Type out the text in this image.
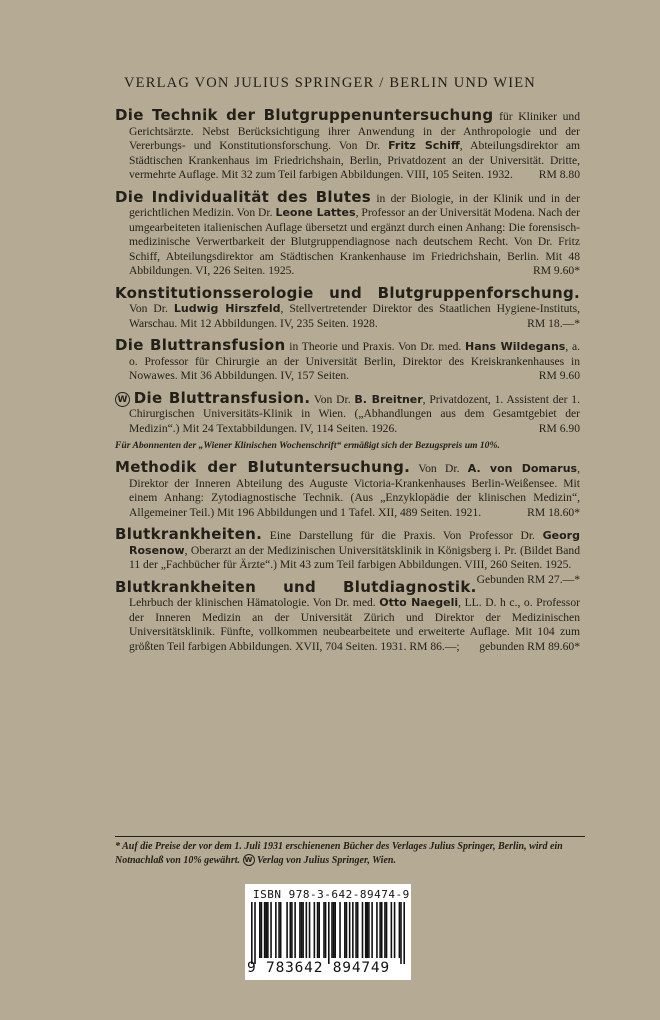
VERLAG VON JULIUS SPRINGER / BERLIN UND WIEN
Die Technik der Blutgruppenuntersuchung für Kliniker und Gerichtsärzte. Nebst Berücksichtigung ihrer Anwendung in der Anthropologie und der Vererbungs- und Konstitutionsforschung. Von Dr. Fritz Schiff, Abteilungsdirektor am Städtischen Krankenhaus im Friedrichshain, Berlin, Privatdozent an der Universität. Dritte, vermehrte Auflage. Mit 32 zum Teil farbigen Abbildungen. VIII, 105 Seiten. 1932. RM 8.80
Die Individualität des Blutes in der Biologie, in der Klinik und in der gerichtlichen Medizin. Von Dr. Leone Lattes, Professor an der Universität Modena. Nach der umgearbeiteten italienischen Auflage übersetzt und ergänzt durch einen Anhang: Die forensisch-medizinische Verwertbarkeit der Blutgruppendiagnose nach deutschem Recht. Von Dr. Fritz Schiff, Abteilungsdirektor am Städtischen Krankenhause im Friedrichshain, Berlin. Mit 48 Abbildungen. VI, 226 Seiten. 1925.	RM 9.60*
Konstitutionsserologie und Blutgruppenforschung. Von Dr. Ludwig Hirszfeld, Stellvertretender Direktor des Staatlichen Hygiene-Instituts, Warschau. Mit 12 Abbildungen. IV, 235 Seiten. 1928.	RM 18.—*
Die Bluttransfusion in Theorie und Praxis. Von Dr. med. Hans Wildegans, a. o. Professor für Chirurgie an der Universität Berlin, Direktor des Kreiskrankenhauses in Nowawes. Mit 36 Abbildungen. IV, 157 Seiten.	RM 9.60
W Die Bluttransfusion. Von Dr. B. Breitner, Privatdozent, 1. Assistent der 1. Chirurgischen Universitäts-Klinik in Wien. („Abhandlungen aus dem Gesamtgebiet der Medizin“.) Mit 24 Textabbildungen. IV, 114 Seiten. 1926.	RM 6.90
Für Abonnenten der „Wiener Klinischen Wochenschrift“ ermäßigt sich der Bezugspreis um 10%.
Methodik der Blutuntersuchung. Von Dr. A. von Domarus, Direktor der Inneren Abteilung des Auguste Victoria-Krankenhauses Berlin-Weißensee. Mit einem Anhang: Zytodiagnostische Technik. (Aus „Enzyklopädie der klinischen Medizin“, Allgemeiner Teil.) Mit 196 Abbildungen und 1 Tafel. XII, 489 Seiten. 1921.	RM 18.60*
Blutkrankheiten. Eine Darstellung für die Praxis. Von Professor Dr. Georg Rosenow, Oberarzt an der Medizinischen Universitätsklinik in Königsberg i. Pr. (Bildet Band 11 der „Fachbücher für Ärzte“.) Mit 43 zum Teil farbigen Abbildungen. VIII, 260 Seiten. 1925.
Gebunden RM 27.—*
Blutkrankheiten und Blutdiagnostik. Lehrbuch der klinischen Hämatologie. Von Dr. med. Otto Naegeli, LL. D. h c., o. Professor der Inneren Medizin an der Universität Zürich und Direktor der Medizinischen Universitätsklinik. Fünfte, vollkommen neubearbeitete und erweiterte Auflage. Mit 104 zum größten Teil farbigen Abbildungen. XVII, 704 Seiten. 1931. RM 86.—; gebunden RM 89.60*
* Auf die Preise der vor dem 1. Juli 1931 erschienenen Bücher des Verlages Julius Springer, Berlin, wird ein Notnachlaß von 10% gewährt. W Verlag von Julius Springer, Wien.
ISBN 978-3-642-89474-9
9 783642 894749
